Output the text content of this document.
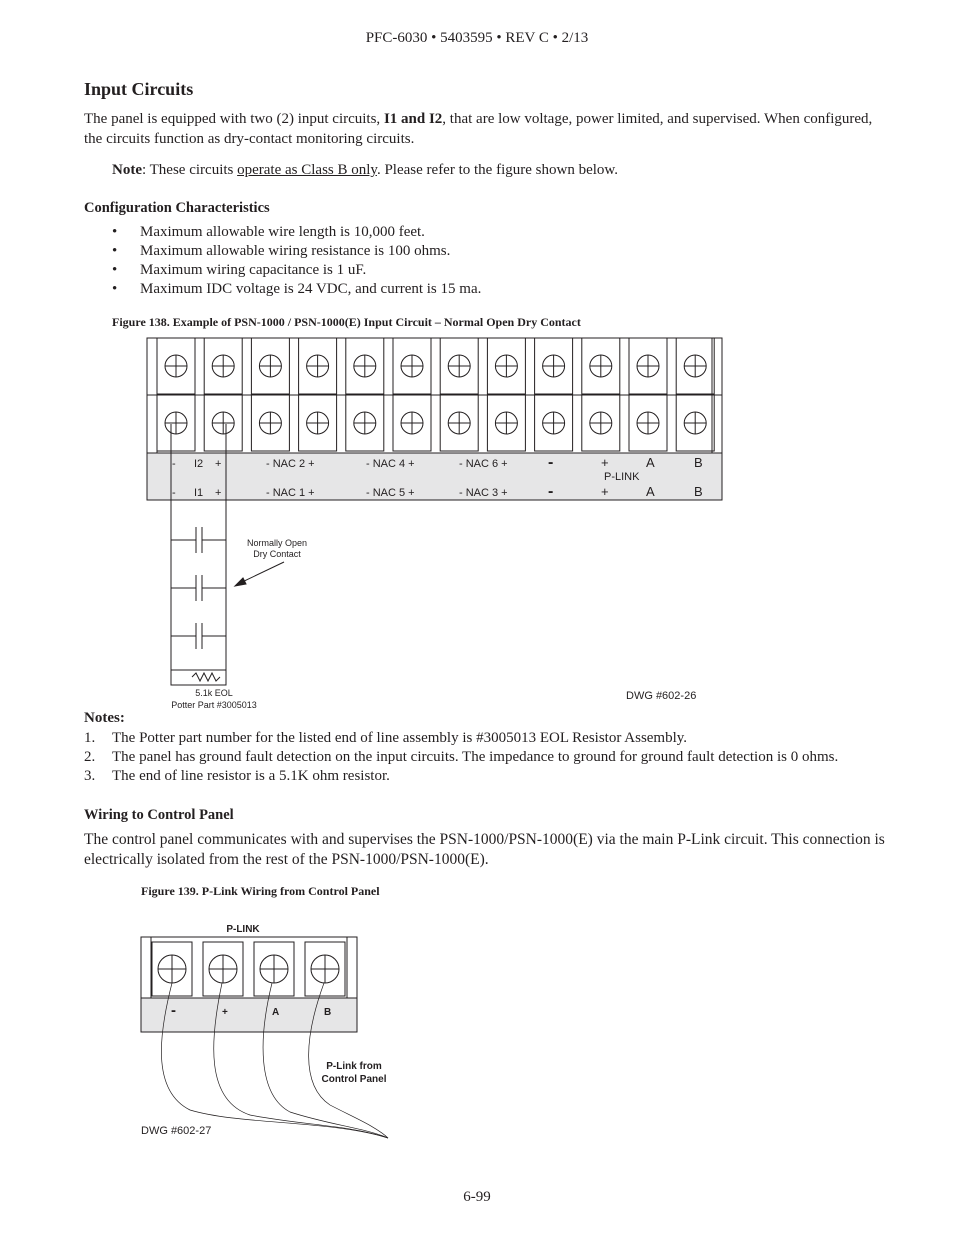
PFC-6030 • 5403595 • REV C • 2/13
Input Circuits

The panel is equipped with two (2) input circuits, I1 and I2, that are low voltage, power limited, and supervised. When configured, the circuits function as dry-contact monitoring circuits.

Note: These circuits operate as Class B only. Please refer to the figure shown below.

Configuration Characteristics

• Maximum allowable wire length is 10,000 feet.
• Maximum allowable wiring resistance is 100 ohms.
• Maximum wiring capacitance is 1 uF.
• Maximum IDC voltage is 24 VDC, and current is 15 ma.

Figure 138. Example of PSN-1000 / PSN-1000(E) Input Circuit – Normal Open Dry Contact

- I2 +	- NAC 2 +	- NAC 4 +	- NAC 6 +	-	+	A	B
P-LINK
- I1 +	- NAC 1 +	- NAC 5 +	- NAC 3 +	-	+	A	B
Normally Open
Dry Contact
5.1k EOL
Potter Part #3005013
DWG #602-26
P-LINK
-	+	A	B
P-Link from
Control Panel
DWG #602-27

Notes:

1. The Potter part number for the listed end of line assembly is #3005013 EOL Resistor Assembly.
2. The panel has ground fault detection on the input circuits. The impedance to ground for ground fault detection is 0 ohms.
3. The end of line resistor is a 5.1K ohm resistor.

Wiring to Control Panel

The control panel communicates with and supervises the PSN-1000/PSN-1000(E) via the main P-Link circuit. This connection is electrically isolated from the rest of the PSN-1000/PSN-1000(E).

Figure 139. P-Link Wiring from Control Panel

6-99
